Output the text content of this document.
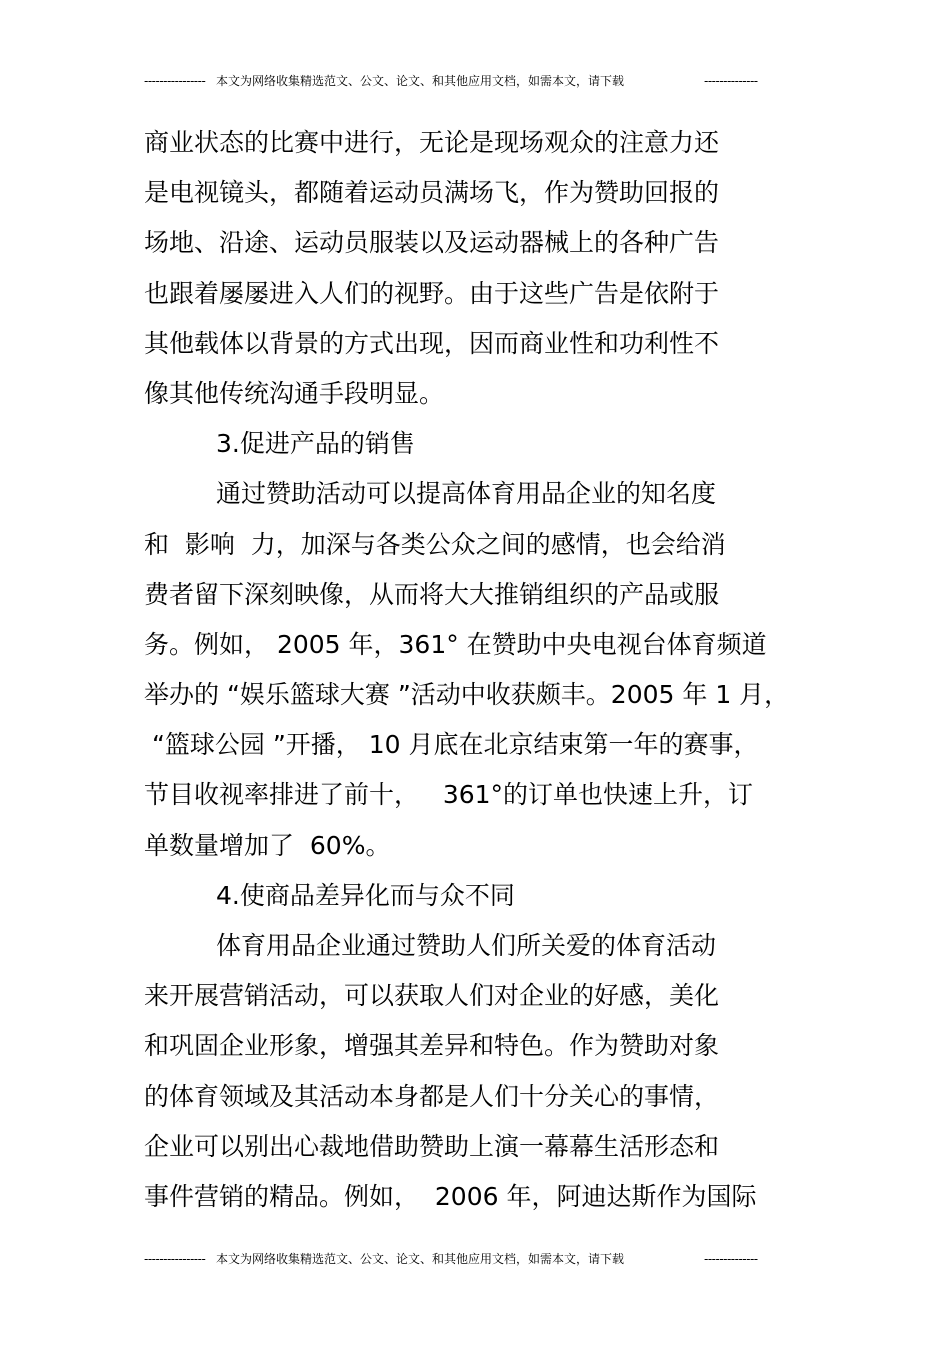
---------------- 本文为网络收集精选范文、公文、论文、和其他应用文档，如需本文，请下载	--------------
商业状态的比赛中进行，无论是现场观众的注意力还
是电视镜头，都随着运动员满场飞，作为赞助回报的
场地、沿途、运动员服装以及运动器械上的各种广告
也跟着屡屡进入人们的视野。由于这些广告是依附于
其他载体以背景的方式出现，因而商业性和功利性不
像其他传统沟通手段明显。
3.促进产品的销售
通过赞助活动可以提高体育用品企业的知名度
和  影响  力，加深与各类公众之间的感情，也会给消
费者留下深刻映像，从而将大大推销组织的产品或服
务。例如， 2005 年，361° 在赞助中央电视台体育频道
举办的 “娱乐篮球大赛 ”活动中收获颇丰。2005 年 1 月，
“篮球公园 ”开播， 10 月底在北京结束第一年的赛事，
节目收视率排进了前十，   361°的订单也快速上升，订
单数量增加了  60%。
4.使商品差异化而与众不同
体育用品企业通过赞助人们所关爱的体育活动
来开展营销活动，可以获取人们对企业的好感，美化
和巩固企业形象，增强其差异和特色。作为赞助对象
的体育领域及其活动本身都是人们十分关心的事情，
企业可以别出心裁地借助赞助上演一幕幕生活形态和
事件营销的精品。例如，  2006 年，阿迪达斯作为国际
---------------- 本文为网络收集精选范文、公文、论文、和其他应用文档，如需本文，请下载	--------------
